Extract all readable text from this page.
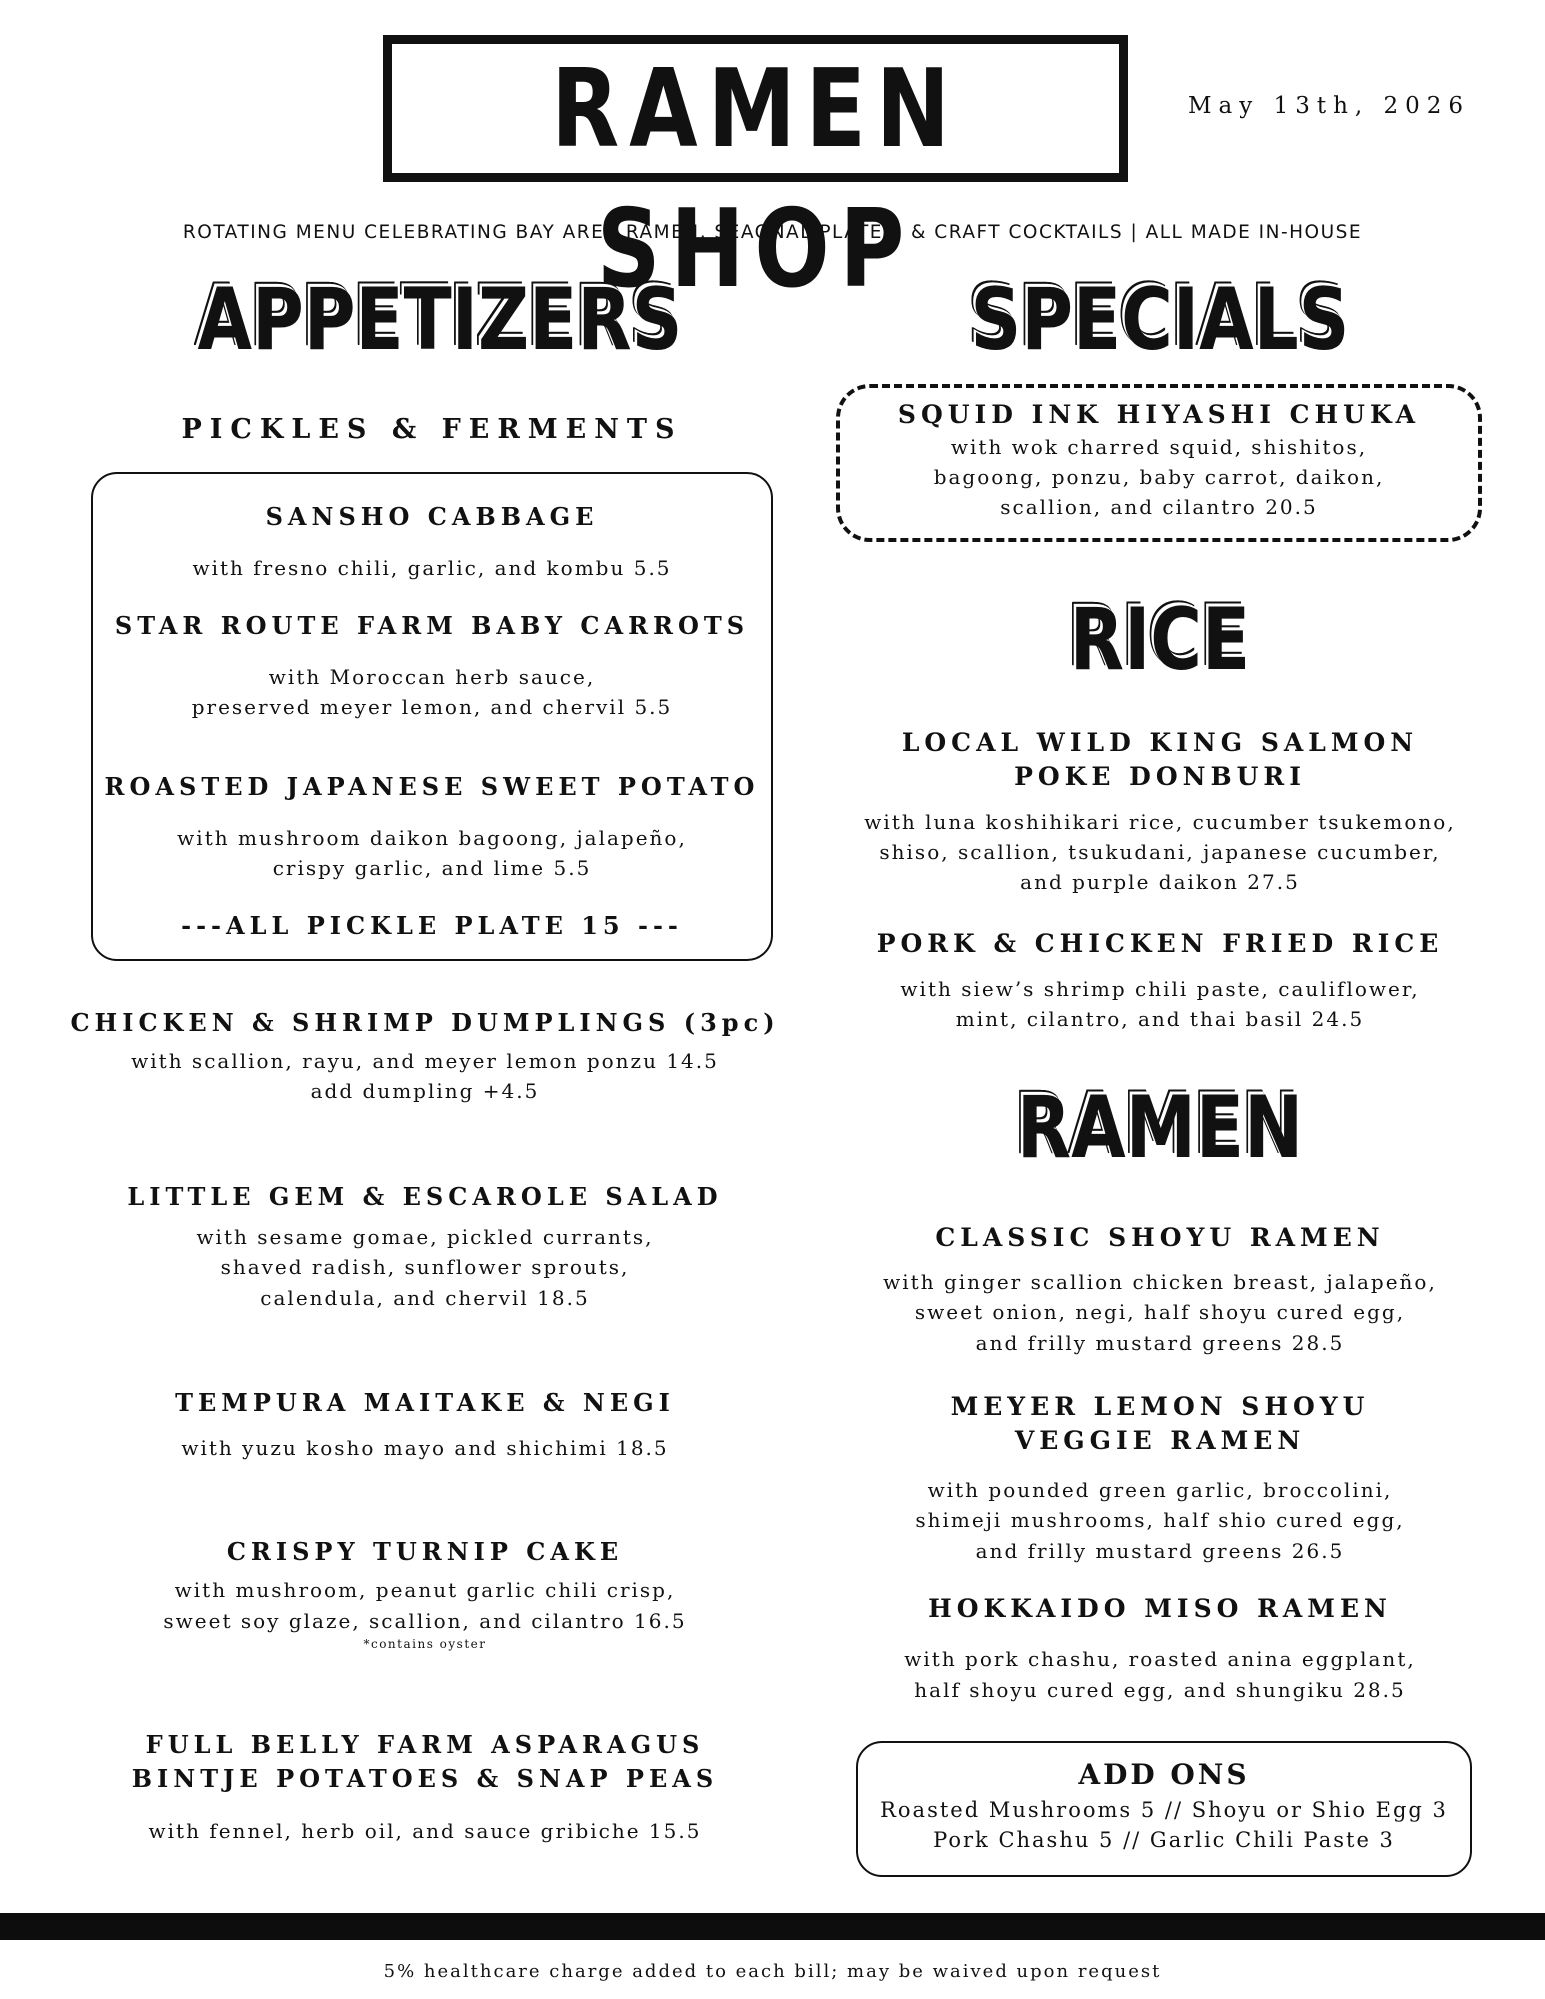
RAMEN SHOP
May 13th, 2026
ROTATING MENU CELEBRATING BAY AREA RAMEN, SEAONAL PLATES, & CRAFT COCKTAILS | ALL MADE IN-HOUSE
APPETIZERS
PICKLES & FERMENTS
SANSHO CABBAGE
with fresno chili, garlic, and kombu 5.5
STAR ROUTE FARM BABY CARROTS
with Moroccan herb sauce,
preserved meyer lemon, and chervil 5.5
ROASTED JAPANESE SWEET POTATO
with mushroom daikon bagoong, jalapeño,
crispy garlic, and lime 5.5
---ALL PICKLE PLATE 15 ---
CHICKEN & SHRIMP DUMPLINGS (3pc)
with scallion, rayu, and meyer lemon ponzu 14.5
add dumpling +4.5
LITTLE GEM & ESCAROLE SALAD
with sesame gomae, pickled currants,
shaved radish, sunflower sprouts,
calendula, and chervil 18.5
TEMPURA MAITAKE & NEGI
with yuzu kosho mayo and shichimi 18.5
CRISPY TURNIP CAKE
with mushroom, peanut garlic chili crisp,
sweet soy glaze, scallion, and cilantro 16.5
*contains oyster
FULL BELLY FARM ASPARAGUS
BINTJE POTATOES & SNAP PEAS
with fennel, herb oil, and sauce gribiche 15.5
SPECIALS
SQUID INK HIYASHI CHUKA
with wok charred squid, shishitos,
bagoong, ponzu, baby carrot, daikon,
scallion, and cilantro 20.5
RICE
LOCAL WILD KING SALMON
POKE DONBURI
with luna koshihikari rice, cucumber tsukemono,
shiso, scallion, tsukudani, japanese cucumber,
and purple daikon 27.5
PORK & CHICKEN FRIED RICE
with siew’s shrimp chili paste, cauliflower,
mint, cilantro, and thai basil 24.5
RAMEN
CLASSIC SHOYU RAMEN
with ginger scallion chicken breast, jalapeño,
sweet onion, negi, half shoyu cured egg,
and frilly mustard greens 28.5
MEYER LEMON SHOYU
VEGGIE RAMEN
with pounded green garlic, broccolini,
shimeji mushrooms, half shio cured egg,
and frilly mustard greens 26.5
HOKKAIDO MISO RAMEN
with pork chashu, roasted anina eggplant,
half shoyu cured egg, and shungiku 28.5
ADD ONS
Roasted Mushrooms 5 // Shoyu or Shio Egg 3
Pork Chashu 5 // Garlic Chili Paste 3
5% healthcare charge added to each bill; may be waived upon request
